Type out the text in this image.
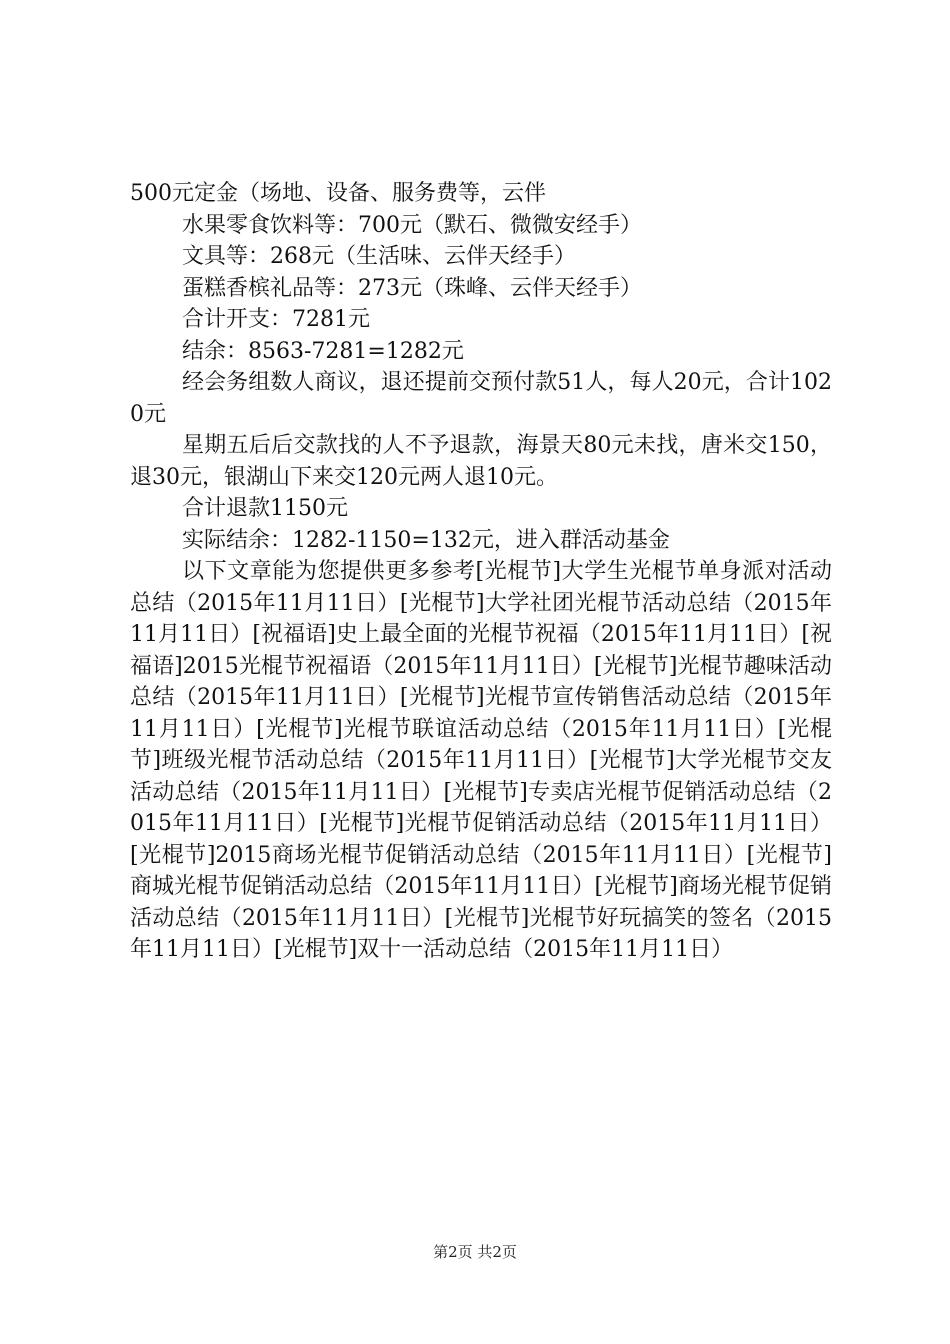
500元定金（场地、设备、服务费等，云伴

水果零食饮料等：700元（默石、微微安经手）

文具等：268元（生活味、云伴天经手）

蛋糕香槟礼品等：273元（珠峰、云伴天经手）

合计开支：7281元

结余：8563-7281=1282元

经会务组数人商议，退还提前交预付款51人，每人20元，合计1020元

星期五后后交款找的人不予退款，海景天80元未找，唐米交150，退30元，银湖山下来交120元两人退10元。

合计退款1150元

实际结余：1282-1150=132元，进入群活动基金

以下文章能为您提供更多参考[光棍节]大学生光棍节单身派对活动总结（2015年11月11日）[光棍节]大学社团光棍节活动总结（2015年11月11日）[祝福语]史上最全面的光棍节祝福（2015年11月11日）[祝福语]2015光棍节祝福语（2015年11月11日）[光棍节]光棍节趣味活动总结（2015年11月11日）[光棍节]光棍节宣传销售活动总结（2015年11月11日）[光棍节]光棍节联谊活动总结（2015年11月11日）[光棍节]班级光棍节活动总结（2015年11月11日）[光棍节]大学光棍节交友活动总结（2015年11月11日）[光棍节]专卖店光棍节促销活动总结（2015年11月11日）[光棍节]光棍节促销活动总结（2015年11月11日）[光棍节]2015商场光棍节促销活动总结（2015年11月11日）[光棍节]商城光棍节促销活动总结（2015年11月11日）[光棍节]商场光棍节促销活动总结（2015年11月11日）[光棍节]光棍节好玩搞笑的签名（2015年11月11日）[光棍节]双十一活动总结（2015年11月11日）

第2页 共2页
